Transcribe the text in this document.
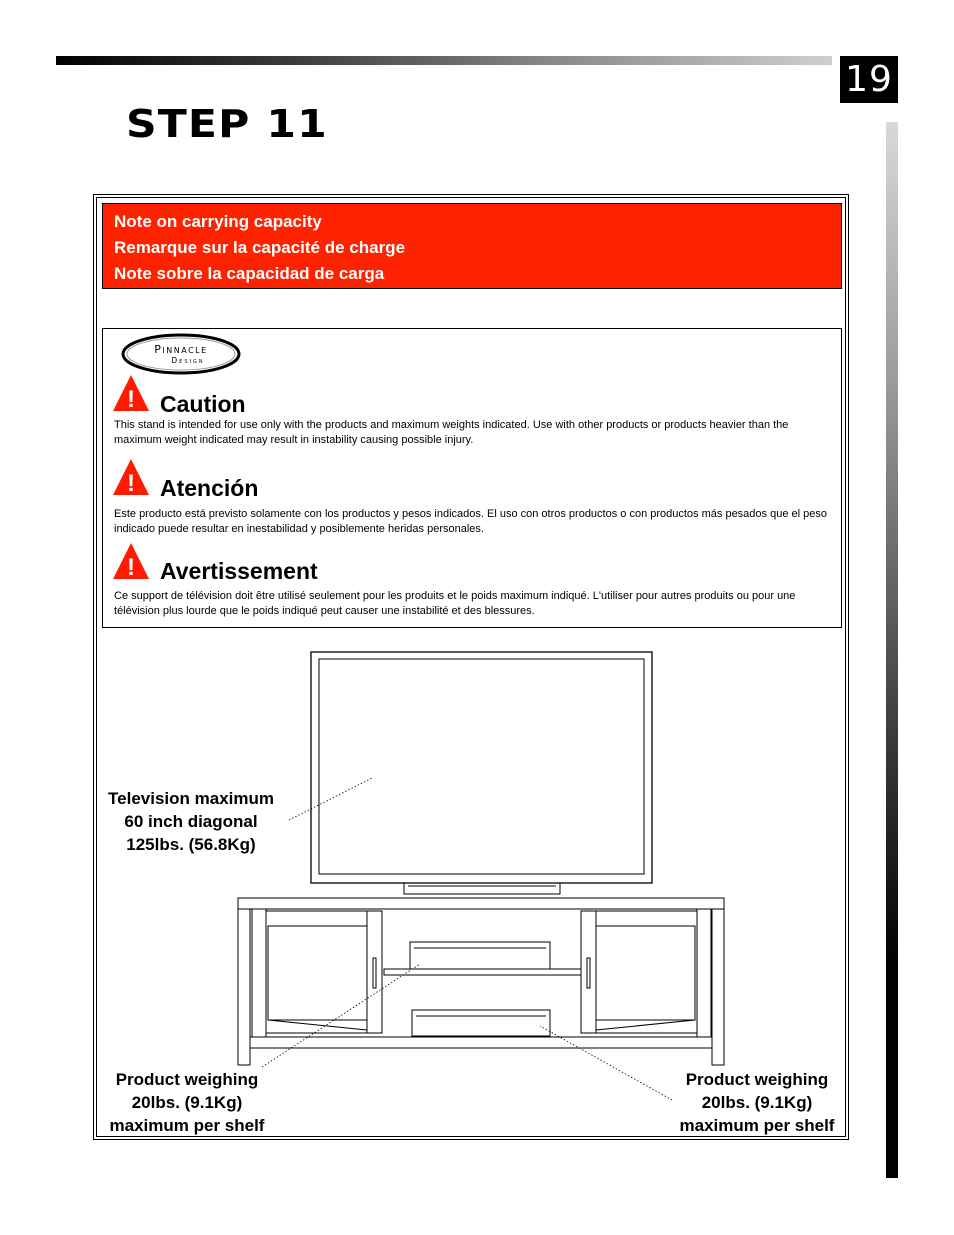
19
STEP 11
Note on carrying capacity
Remarque sur la capacité de charge
Note sobre la capacidad de carga
Pinnacle
Design
! Caution
This stand is intended for use only with the products and maximum weights indicated. Use with other products or products heavier than the maximum weight indicated may result in instability causing possible injury.
! Atención
Este producto está previsto solamente con los productos y pesos indicados. El uso con otros productos o con productos más pesados que el peso indicado puede resultar en inestabilidad y posiblemente heridas personales.
! Avertissement
Ce support de télévision doit être utilisé seulement pour les produits et le poids maximum indiqué. L'utiliser pour autres produits ou pour une télévision plus lourde que le poids indiqué peut causer une instabilité et des blessures.
Television maximum
60 inch diagonal
125lbs. (56.8Kg)
Product weighing
20lbs. (9.1Kg)
maximum per shelf
Product weighing
20lbs. (9.1Kg)
maximum per shelf
